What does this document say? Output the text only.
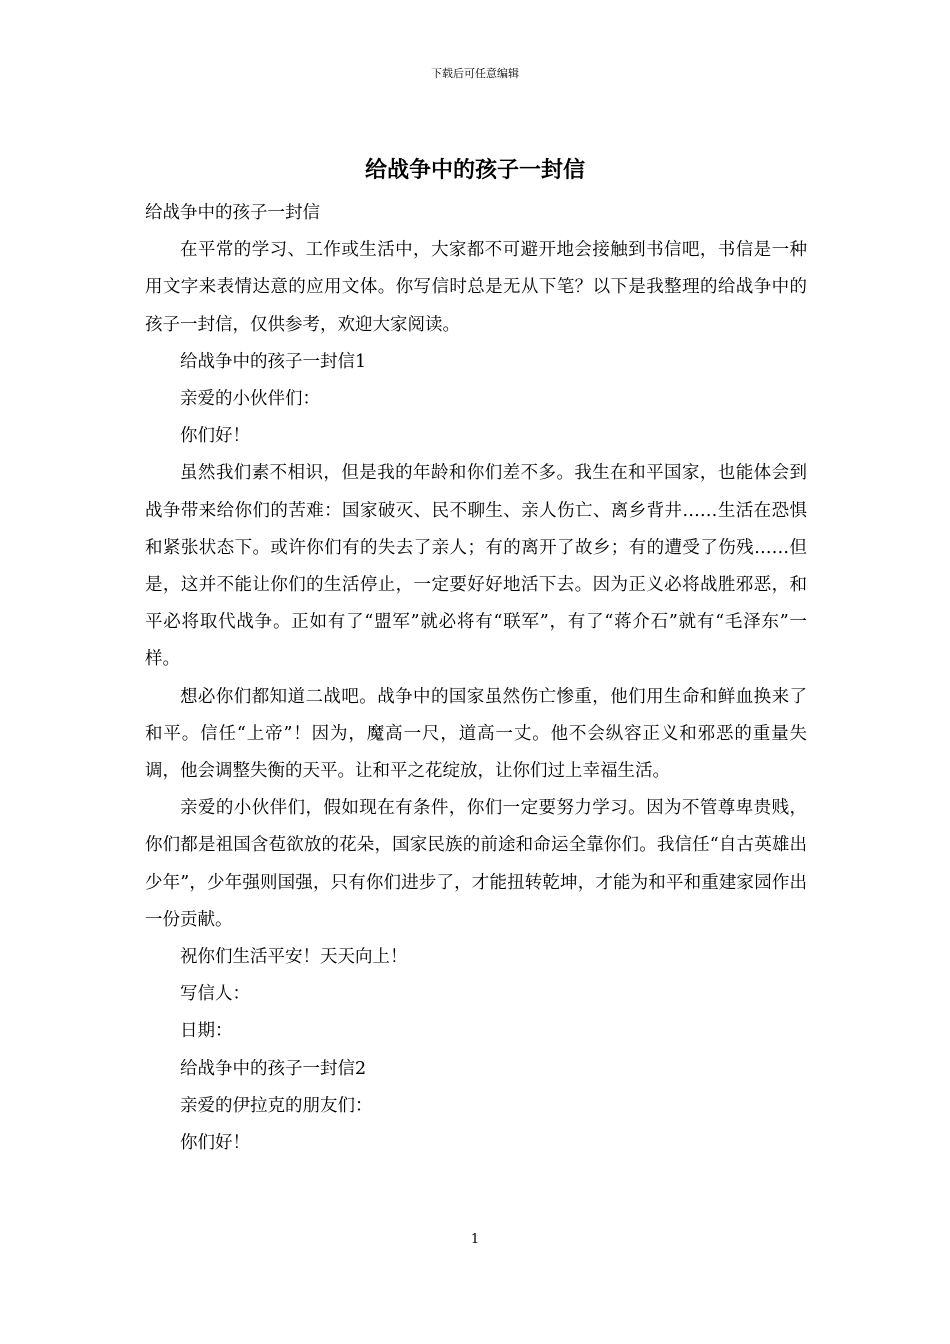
下载后可任意编辑
给战争中的孩子一封信

给战争中的孩子一封信

在平常的学习、工作或生活中，大家都不可避开地会接触到书信吧，书信是一种用文字来表情达意的应用文体。你写信时总是无从下笔？以下是我整理的给战争中的孩子一封信，仅供参考，欢迎大家阅读。

给战争中的孩子一封信1

亲爱的小伙伴们：

你们好！

虽然我们素不相识，但是我的年龄和你们差不多。我生在和平国家，也能体会到战争带来给你们的苦难：国家破灭、民不聊生、亲人伤亡、离乡背井……生活在恐惧和紧张状态下。或许你们有的失去了亲人；有的离开了故乡；有的遭受了伤残……但是，这并不能让你们的生活停止，一定要好好地活下去。因为正义必将战胜邪恶，和平必将取代战争。正如有了“盟军”就必将有“联军”，有了“蒋介石”就有“毛泽东”一样。

想必你们都知道二战吧。战争中的国家虽然伤亡惨重，他们用生命和鲜血换来了和平。信任“上帝”！因为，魔高一尺，道高一丈。他不会纵容正义和邪恶的重量失调，他会调整失衡的天平。让和平之花绽放，让你们过上幸福生活。

亲爱的小伙伴们，假如现在有条件，你们一定要努力学习。因为不管尊卑贵贱，你们都是祖国含苞欲放的花朵，国家民族的前途和命运全靠你们。我信任“自古英雄出少年”，少年强则国强，只有你们进步了，才能扭转乾坤，才能为和平和重建家园作出一份贡献。

祝你们生活平安！天天向上！

写信人：

日期：

给战争中的孩子一封信2

亲爱的伊拉克的朋友们：

你们好！

1
